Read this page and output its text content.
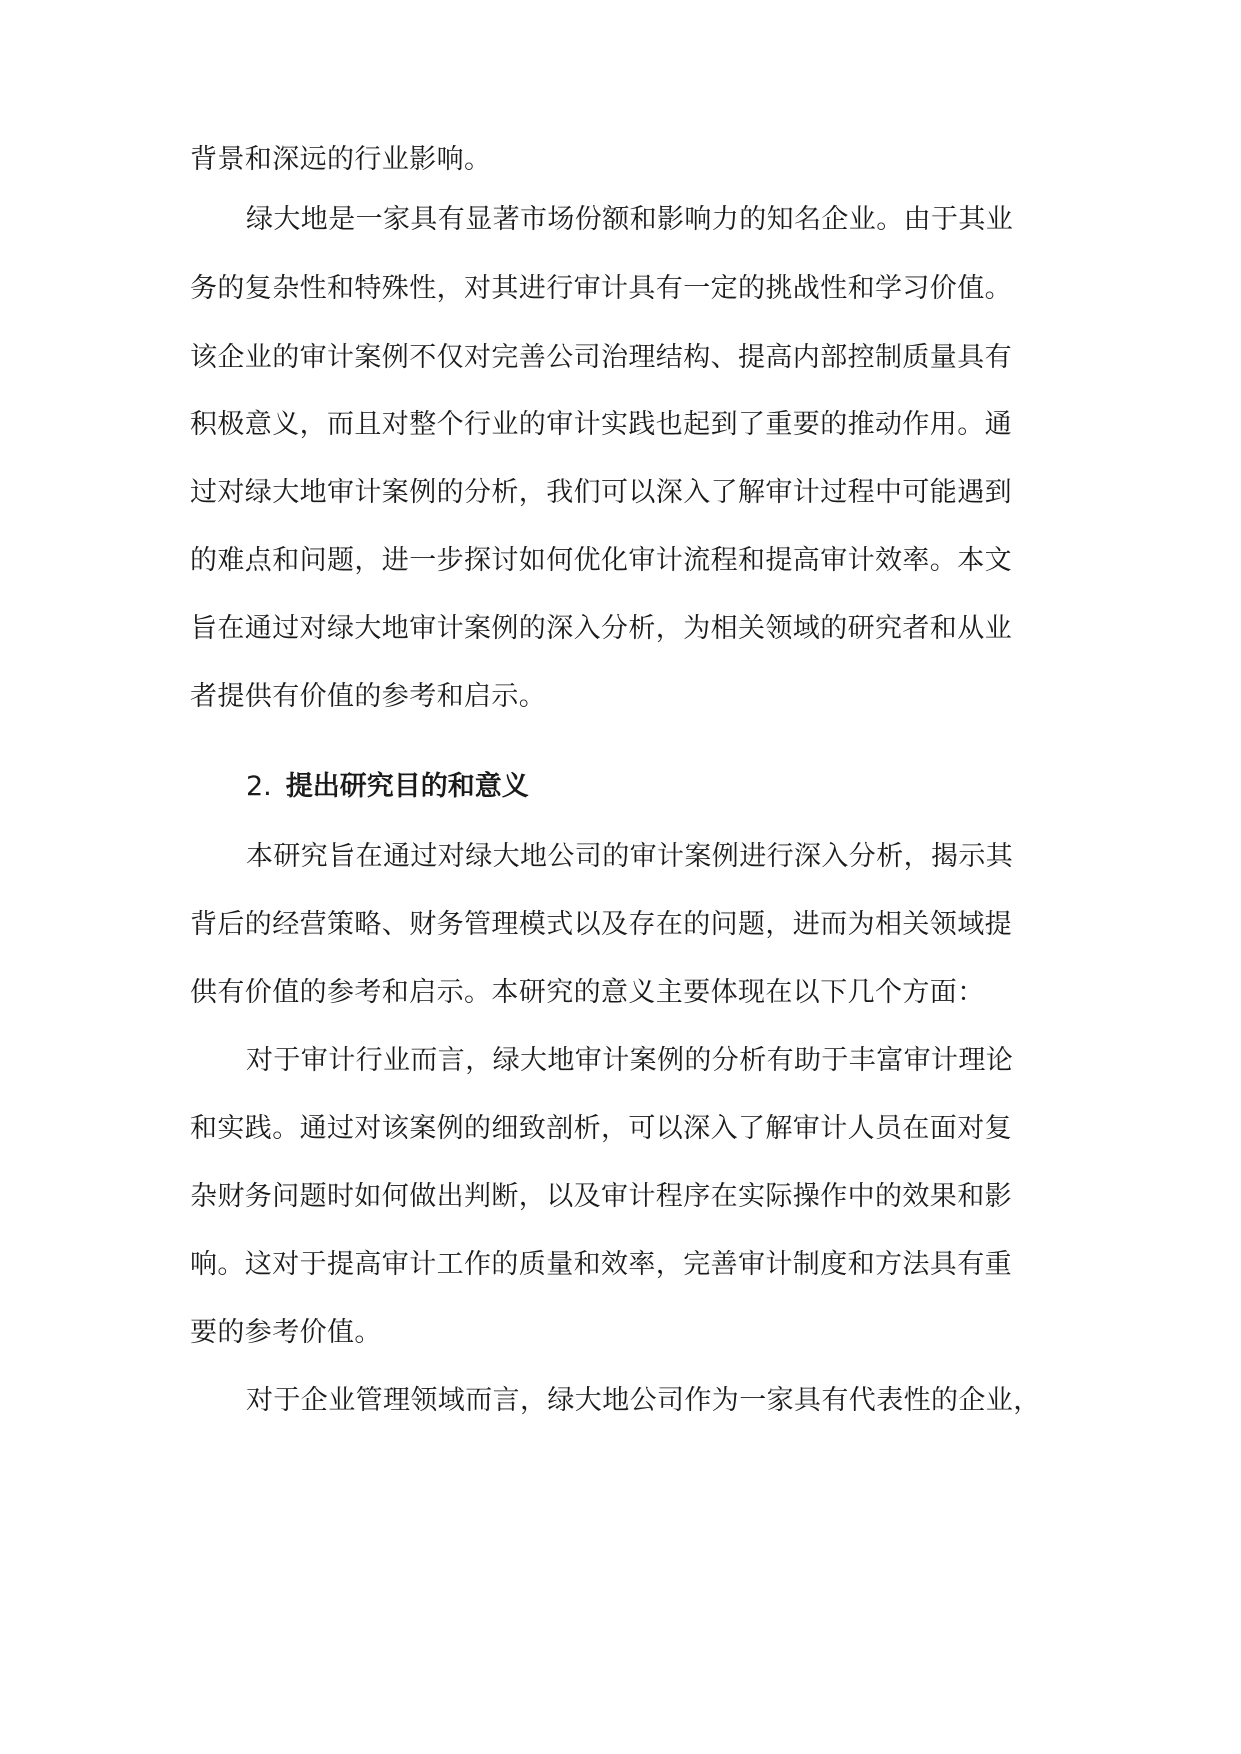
背景和深远的行业影响。
绿大地是一家具有显著市场份额和影响力的知名企业。由于其业
务的复杂性和特殊性，对其进行审计具有一定的挑战性和学习价值。
该企业的审计案例不仅对完善公司治理结构、提高内部控制质量具有
积极意义，而且对整个行业的审计实践也起到了重要的推动作用。通
过对绿大地审计案例的分析，我们可以深入了解审计过程中可能遇到
的难点和问题，进一步探讨如何优化审计流程和提高审计效率。本文
旨在通过对绿大地审计案例的深入分析，为相关领域的研究者和从业
者提供有价值的参考和启示。
2. 提出研究目的和意义
本研究旨在通过对绿大地公司的审计案例进行深入分析，揭示其
背后的经营策略、财务管理模式以及存在的问题，进而为相关领域提
供有价值的参考和启示。本研究的意义主要体现在以下几个方面：
对于审计行业而言，绿大地审计案例的分析有助于丰富审计理论
和实践。通过对该案例的细致剖析，可以深入了解审计人员在面对复
杂财务问题时如何做出判断，以及审计程序在实际操作中的效果和影
响。这对于提高审计工作的质量和效率，完善审计制度和方法具有重
要的参考价值。
对于企业管理领域而言，绿大地公司作为一家具有代表性的企业，
